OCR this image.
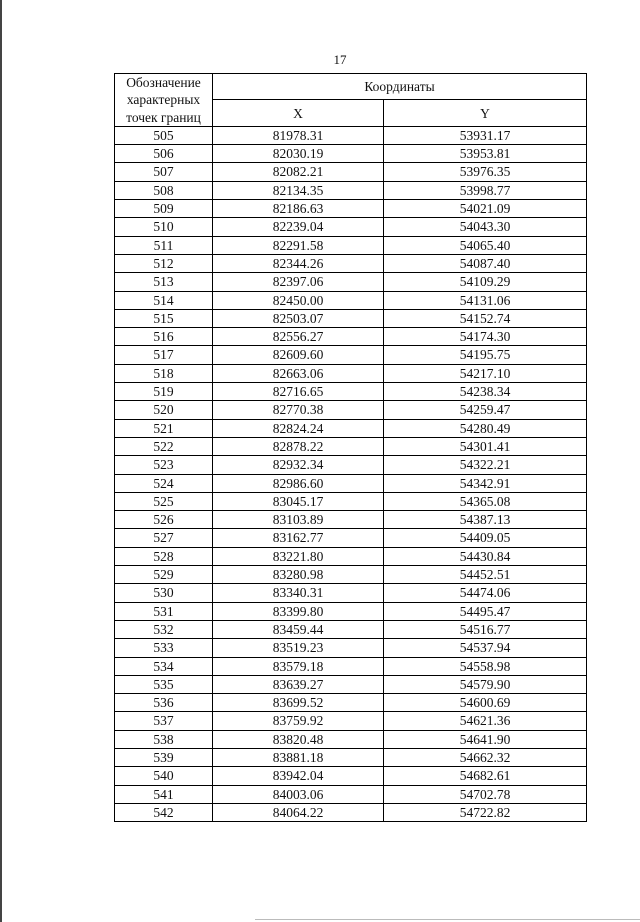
17
Обозначение
характерных
точек границ	Координаты	
	X	Y
505	81978.31	53931.17
506	82030.19	53953.81
507	82082.21	53976.35
508	82134.35	53998.77
509	82186.63	54021.09
510	82239.04	54043.30
511	82291.58	54065.40
512	82344.26	54087.40
513	82397.06	54109.29
514	82450.00	54131.06
515	82503.07	54152.74
516	82556.27	54174.30
517	82609.60	54195.75
518	82663.06	54217.10
519	82716.65	54238.34
520	82770.38	54259.47
521	82824.24	54280.49
522	82878.22	54301.41
523	82932.34	54322.21
524	82986.60	54342.91
525	83045.17	54365.08
526	83103.89	54387.13
527	83162.77	54409.05
528	83221.80	54430.84
529	83280.98	54452.51
530	83340.31	54474.06
531	83399.80	54495.47
532	83459.44	54516.77
533	83519.23	54537.94
534	83579.18	54558.98
535	83639.27	54579.90
536	83699.52	54600.69
537	83759.92	54621.36
538	83820.48	54641.90
539	83881.18	54662.32
540	83942.04	54682.61
541	84003.06	54702.78
542	84064.22	54722.82
